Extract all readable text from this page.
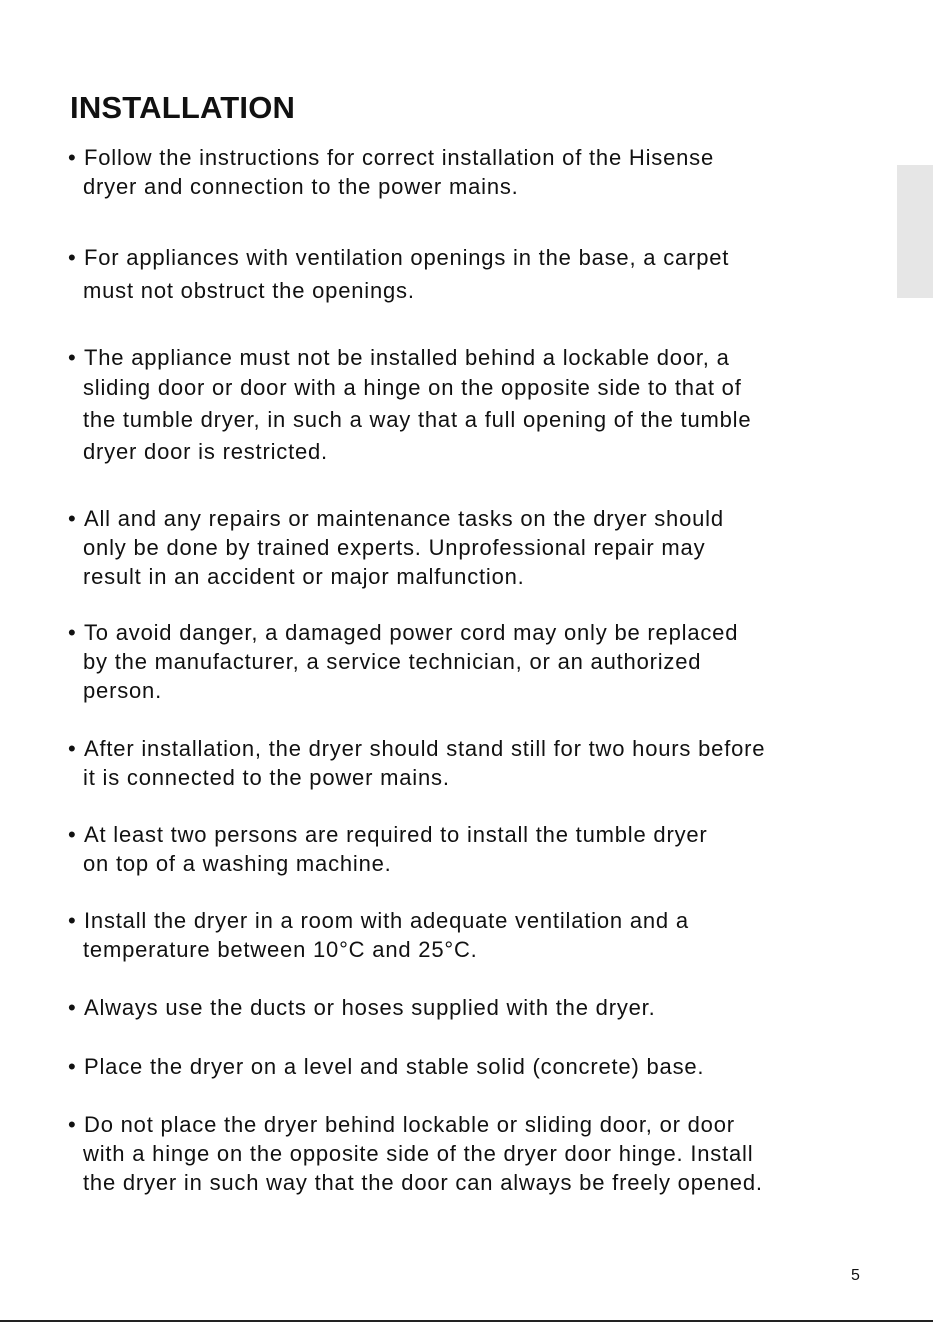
INSTALLATION
• Follow the instructions for correct installation of the Hisense
dryer and connection to the power mains.
• For appliances with ventilation openings in the base, a carpet
must not obstruct the openings.
• The appliance must not be installed behind a lockable door, a
sliding door or door with a hinge on the opposite side to that of
the tumble dryer, in such a way that a full opening of the tumble
dryer door is restricted.
• All and any repairs or maintenance tasks on the dryer should
only be done by trained experts. Unprofessional repair may
result in an accident or major malfunction.
• To avoid danger, a damaged power cord may only be replaced
by the manufacturer, a service technician, or an authorized
person.
• After installation, the dryer should stand still for two hours before
it is connected to the power mains.
• At least two persons are required to install the tumble dryer
on top of a washing machine.
• Install the dryer in a room with adequate ventilation and a
temperature between 10°C and 25°C.
• Always use the ducts or hoses supplied with the dryer.
• Place the dryer on a level and stable solid (concrete) base.
• Do not place the dryer behind lockable or sliding door, or door
with a hinge on the opposite side of the dryer door hinge. Install
the dryer in such way that the door can always be freely opened.
5
